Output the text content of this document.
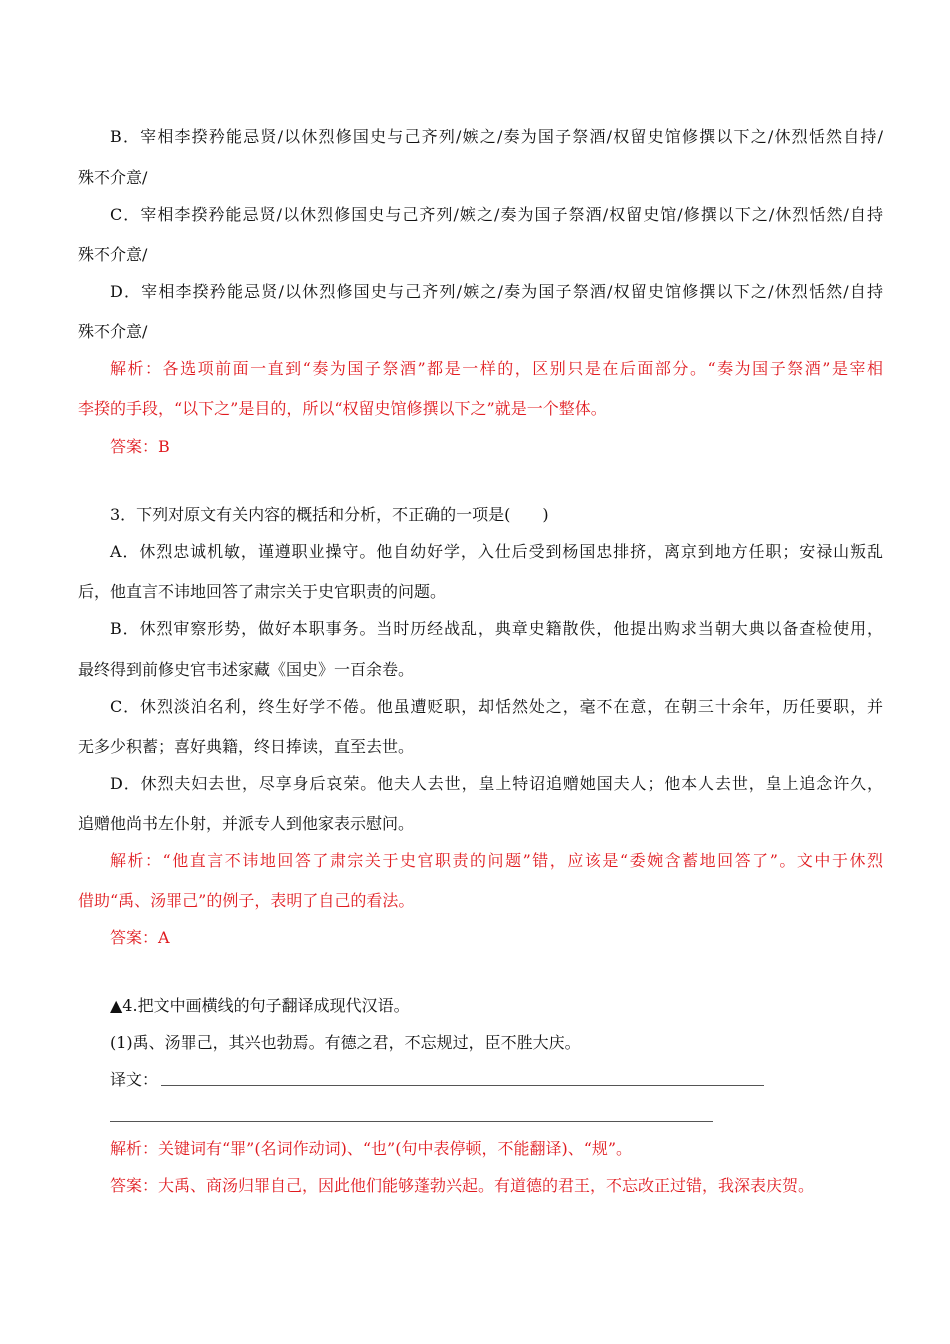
B．宰相李揆矜能忌贤/以休烈修国史与己齐列/嫉之/奏为国子祭酒/权留史馆修撰以下之/休烈恬然自持/
殊不介意/
C．宰相李揆矜能忌贤/以休烈修国史与己齐列/嫉之/奏为国子祭酒/权留史馆/修撰以下之/休烈恬然/自持
殊不介意/
D．宰相李揆矜能忌贤/以休烈修国史与己齐列/嫉之/奏为国子祭酒/权留史馆修撰以下之/休烈恬然/自持
殊不介意/
解析：各选项前面一直到“奏为国子祭酒”都是一样的，区别只是在后面部分。“奏为国子祭酒”是宰相
李揆的手段，“以下之”是目的，所以“权留史馆修撰以下之”就是一个整体。
答案：B
3．下列对原文有关内容的概括和分析，不正确的一项是(　　)
A．休烈忠诚机敏，谨遵职业操守。他自幼好学，入仕后受到杨国忠排挤，离京到地方任职；安禄山叛乱
后，他直言不讳地回答了肃宗关于史官职责的问题。
B．休烈审察形势，做好本职事务。当时历经战乱，典章史籍散佚，他提出购求当朝大典以备查检使用，
最终得到前修史官韦述家藏《国史》一百余卷。
C．休烈淡泊名利，终生好学不倦。他虽遭贬职，却恬然处之，毫不在意，在朝三十余年，历任要职，并
无多少积蓄；喜好典籍，终日捧读，直至去世。
D．休烈夫妇去世，尽享身后哀荣。他夫人去世，皇上特诏追赠她国夫人；他本人去世，皇上追念许久，
追赠他尚书左仆射，并派专人到他家表示慰问。
解析：“他直言不讳地回答了肃宗关于史官职责的问题”错，应该是“委婉含蓄地回答了”。文中于休烈
借助“禹、汤罪己”的例子，表明了自己的看法。
答案：A
▲4.把文中画横线的句子翻译成现代汉语。
(1)禹、汤罪己，其兴也勃焉。有德之君，不忘规过，臣不胜大庆。
译文：
解析：关键词有“罪”(名词作动词)、“也”(句中表停顿，不能翻译)、“规”。
答案：大禹、商汤归罪自己，因此他们能够蓬勃兴起。有道德的君王，不忘改正过错，我深表庆贺。
